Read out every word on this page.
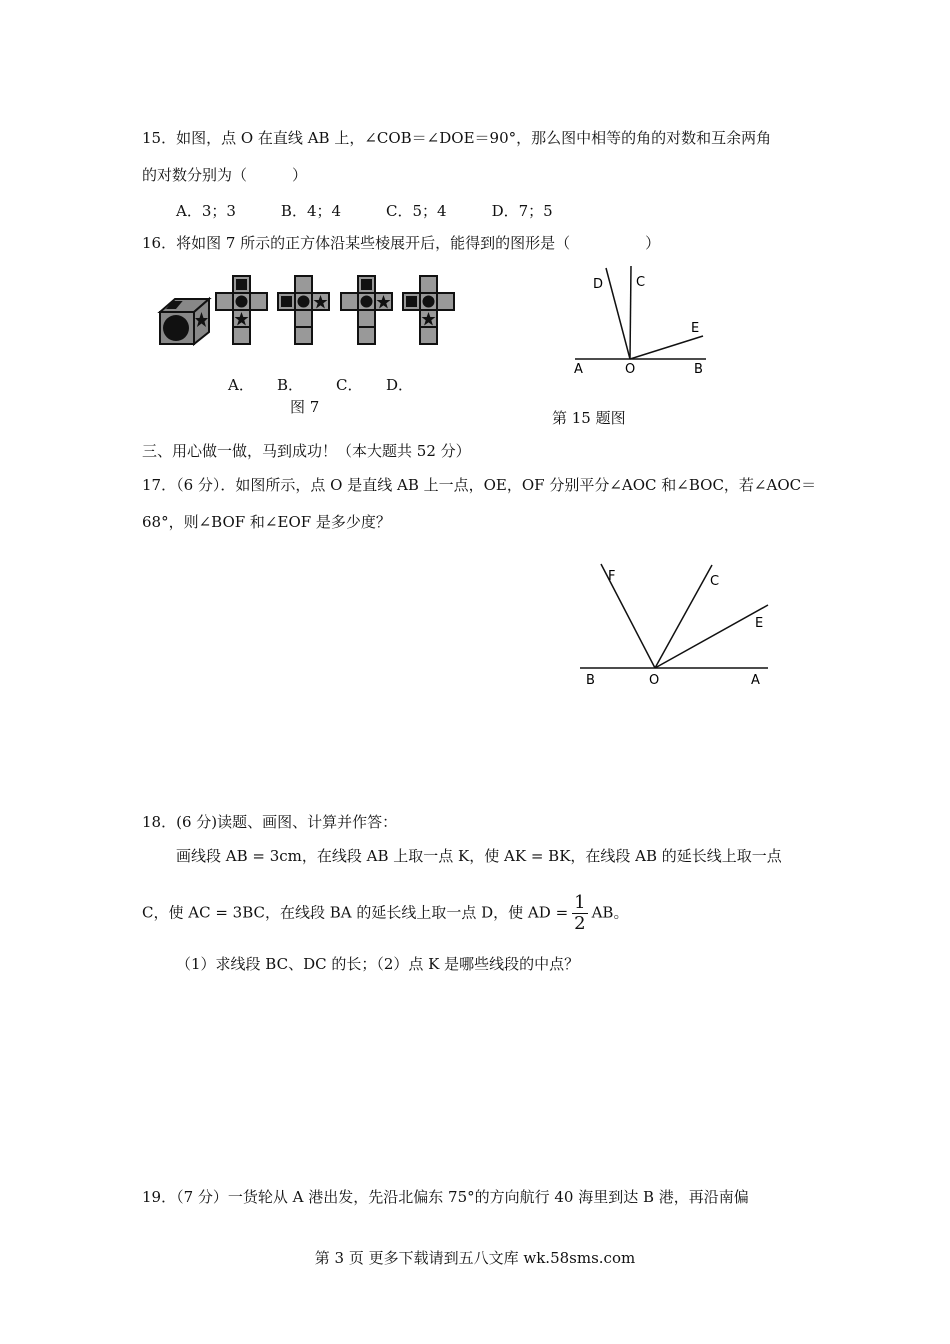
15．如图，点 O 在直线 AB 上，∠COB＝∠DOE＝90°，那么图中相等的角的对数和互余两角
的对数分别为（　　　）
A．3；3　　　B．4；4　　　C．5；4　　　D．7；5
16．将如图 7 所示的正方体沿某些棱展开后，能得到的图形是（　　　　　）
A． B． C． D．
图 7
D	C
E
A	O	B
第 15 题图
三、用心做一做，马到成功！（本大题共 52 分）
17．（6 分）．如图所示，点 O 是直线 AB 上一点，OE，OF 分别平分∠AOC 和∠BOC，若∠AOC＝
68°，则∠BOF 和∠EOF 是多少度？
F	C
E
B	O	A
18．(6 分)读题、画图、计算并作答：
画线段 AB = 3cm，在线段 AB 上取一点 K，使 AK = BK，在线段 AB 的延长线上取一点
C，使 AC = 3BC，在线段 BA 的延长线上取一点 D，使 AD = $\frac{1}{2}$ AB。
（1）求线段 BC、DC 的长；（2）点 K 是哪些线段的中点？
19．（7 分）一货轮从 A 港出发，先沿北偏东 75°的方向航行 40 海里到达 B 港，再沿南偏
第 3 页 更多下载请到五八文库 wk.58sms.com
